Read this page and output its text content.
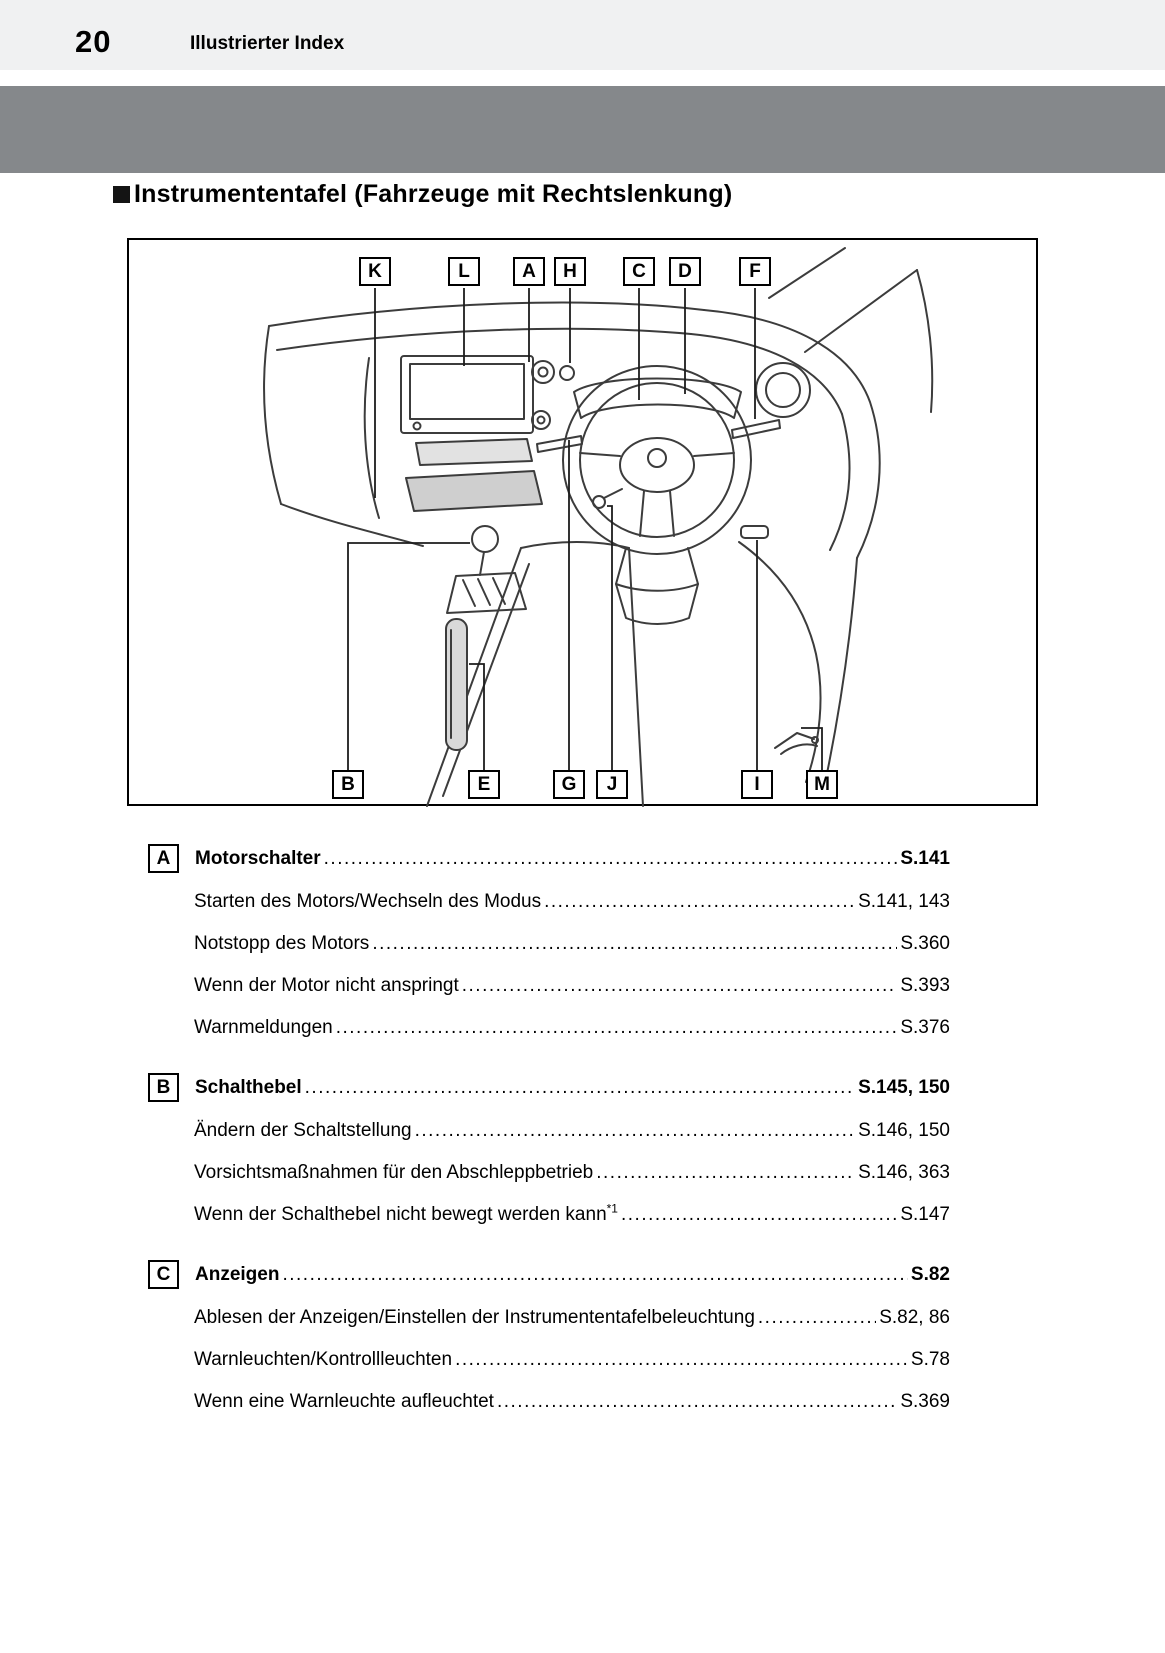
20	Illustrierter Index
Instrumententafel (Fahrzeuge mit Rechtslenkung)
K	L	A	H	C	D	F
B	E	G	J	I	M
A	Motorschalter .....	S.141
Starten des Motors/Wechseln des Modus .....	S.141, 143
Notstopp des Motors .....	S.360
Wenn der Motor nicht anspringt .....	S.393
Warnmeldungen .....	S.376
B	Schalthebel .....	S.145, 150
Ändern der Schaltstellung .....	S.146, 150
Vorsichtsmaßnahmen für den Abschleppbetrieb .....	S.146, 363
Wenn der Schalthebel nicht bewegt werden kann$^{*1}$ .....	S.147
C	Anzeigen .....	S.82
Ablesen der Anzeigen/Einstellen der Instrumententafelbeleuchtung .....	S.82, 86
Warnleuchten/Kontrollleuchten .....	S.78
Wenn eine Warnleuchte aufleuchtet .....	S.369
